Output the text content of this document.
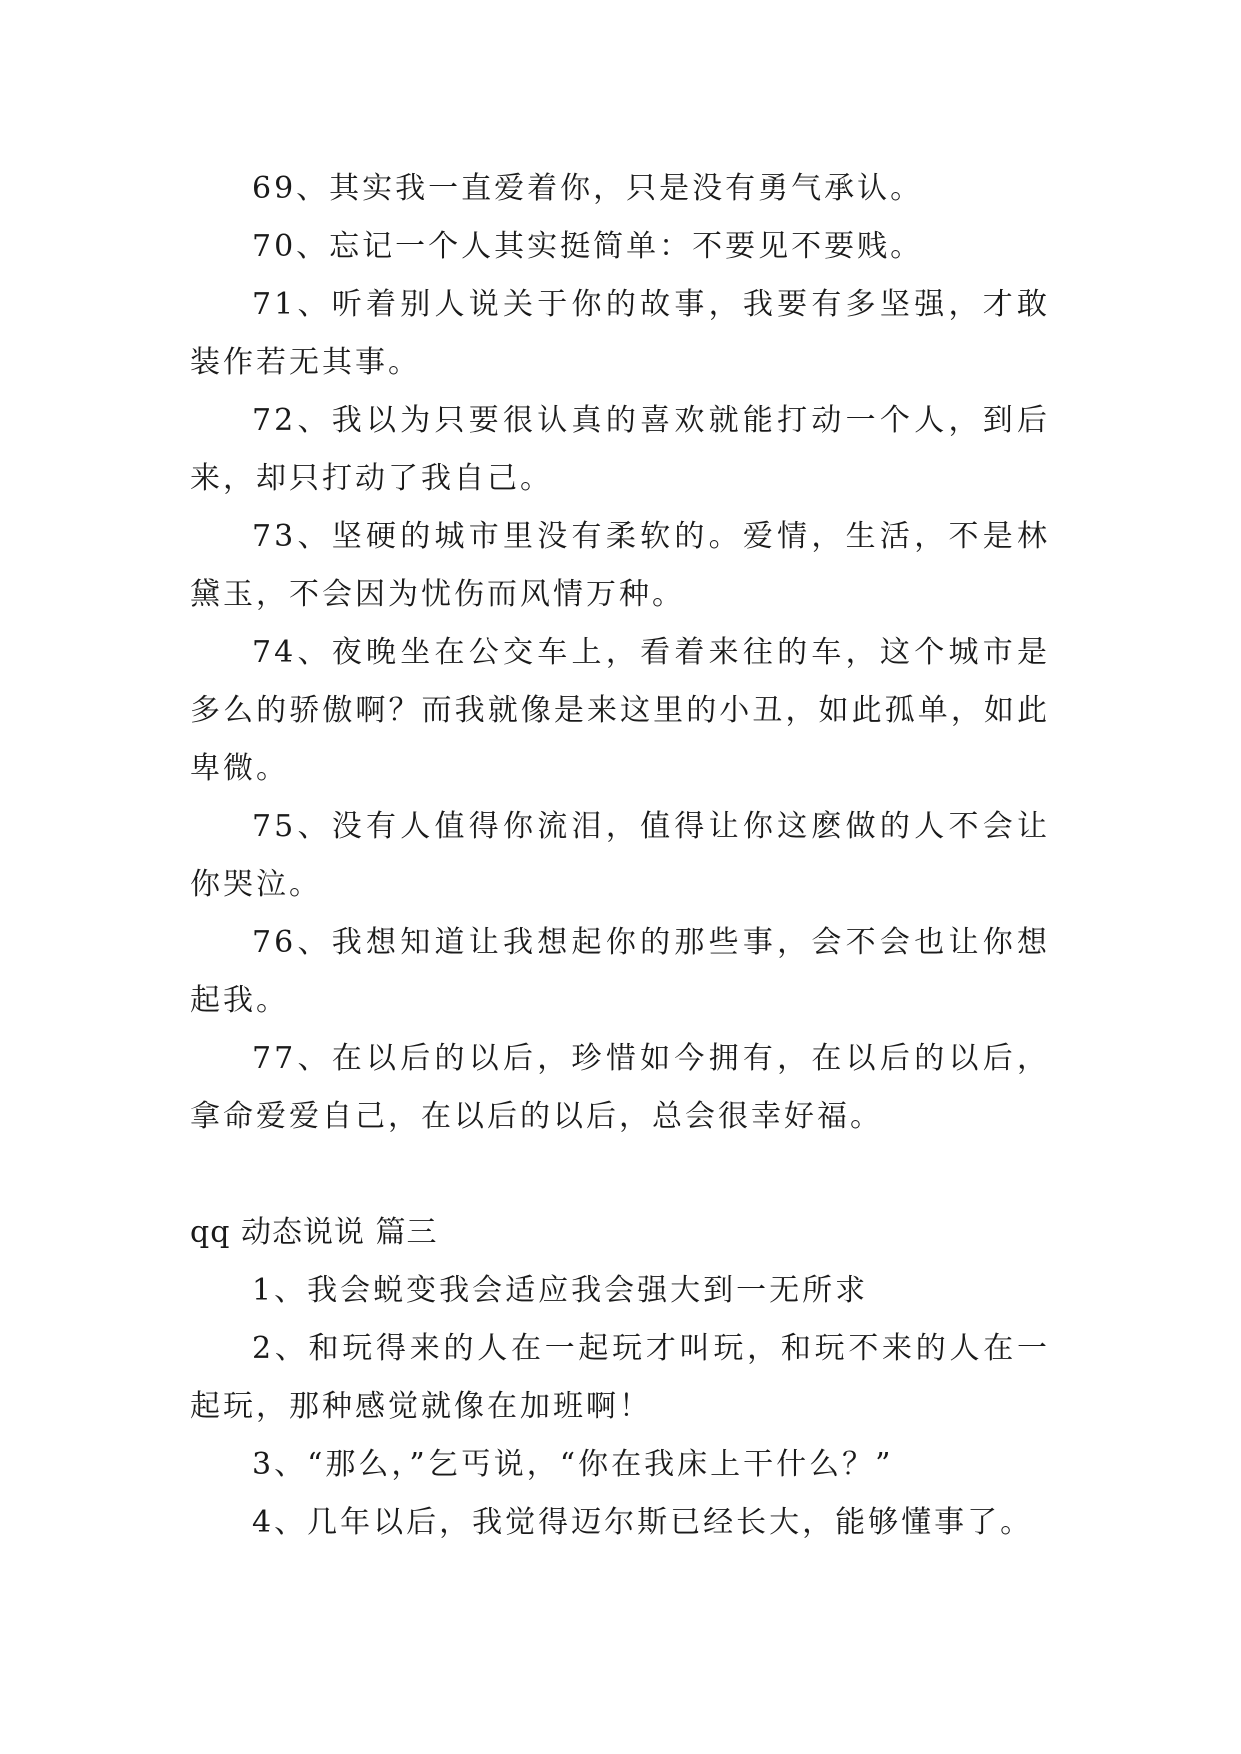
69、其实我一直爱着你，只是没有勇气承认。

70、忘记一个人其实挺简单：不要见不要贱。

71、听着别人说关于你的故事，我要有多坚强，才敢装作若无其事。

72、我以为只要很认真的喜欢就能打动一个人，到后来，却只打动了我自己。

73、坚硬的城市里没有柔软的。爱情，生活，不是林黛玉，不会因为忧伤而风情万种。

74、夜晚坐在公交车上，看着来往的车，这个城市是多么的骄傲啊？而我就像是来这里的小丑，如此孤单，如此卑微。

75、没有人值得你流泪，值得让你这麽做的人不会让你哭泣。

76、我想知道让我想起你的那些事，会不会也让你想起我。

77、在以后的以后，珍惜如今拥有，在以后的以后，拿命爱爱自己，在以后的以后，总会很幸好福。

qq 动态说说 篇三

1、我会蜕变我会适应我会强大到一无所求

2、和玩得来的人在一起玩才叫玩，和玩不来的人在一起玩，那种感觉就像在加班啊！

3、“那么，”乞丐说，“你在我床上干什么？”

4、几年以后，我觉得迈尔斯已经长大，能够懂事了。
